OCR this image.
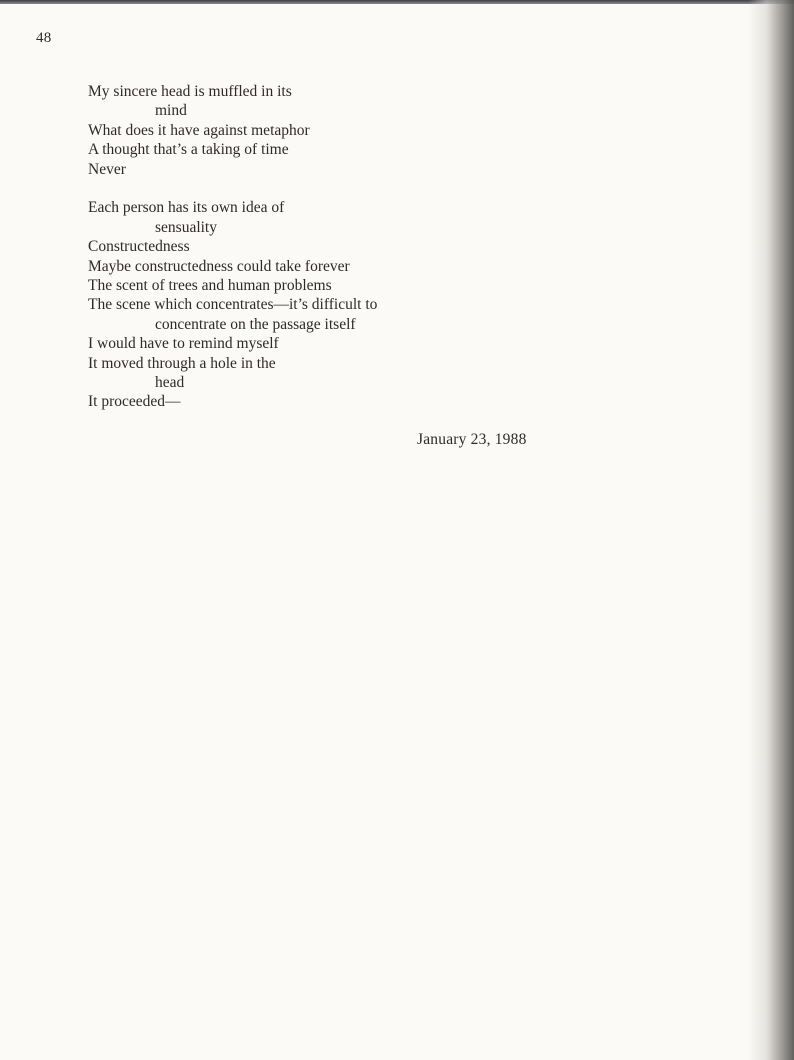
48
My sincere head is muffled in its
mind
What does it have against metaphor
A thought that’s a taking of time
Never
Each person has its own idea of
sensuality
Constructedness
Maybe constructedness could take forever
The scent of trees and human problems
The scene which concentrates—it’s difficult to
concentrate on the passage itself
I would have to remind myself
It moved through a hole in the
head
It proceeded—
January 23, 1988
